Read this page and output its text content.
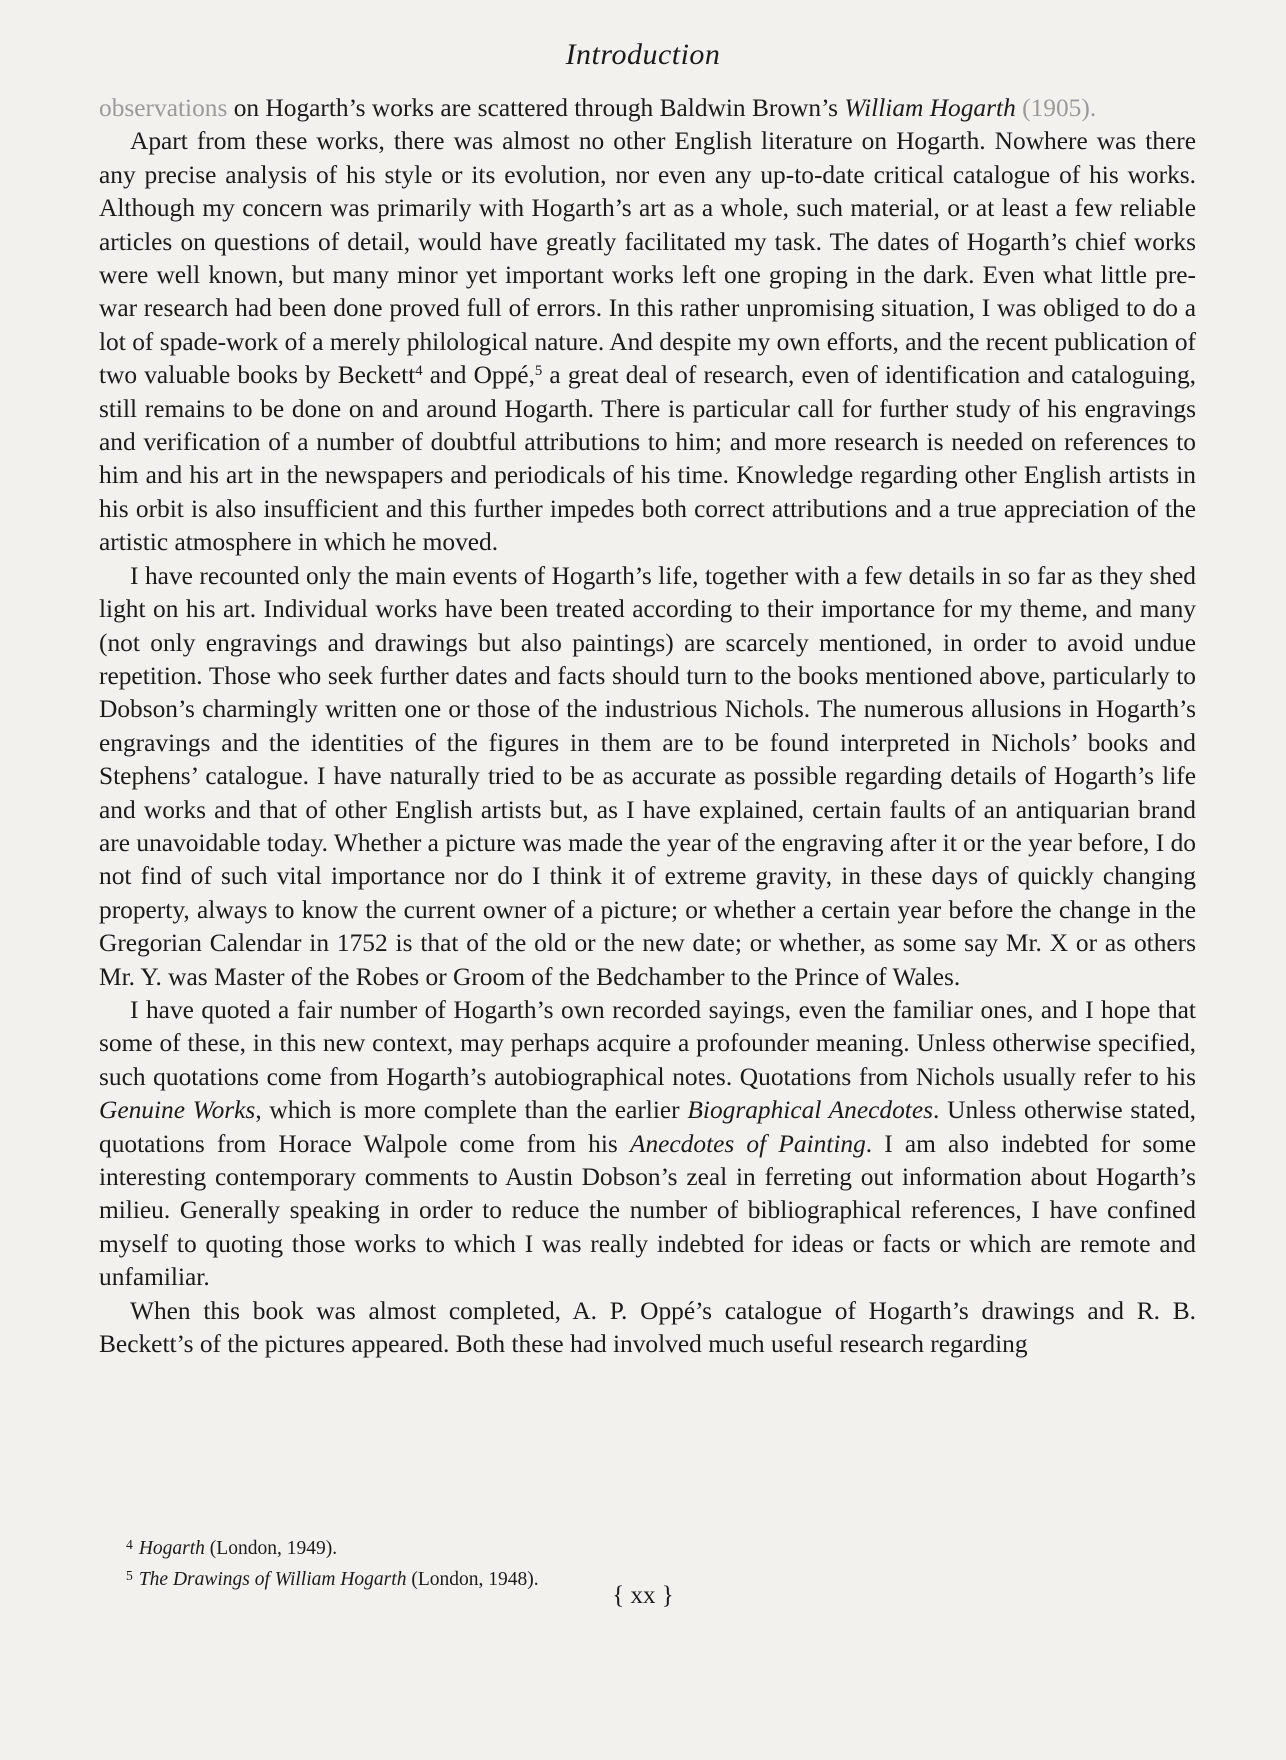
Introduction

observations on Hogarth’s works are scattered through Baldwin Brown’s William Hogarth (1905).

Apart from these works, there was almost no other English literature on Hogarth. Nowhere was there any precise analysis of his style or its evolution, nor even any up-to-date critical catalogue of his works. Although my concern was primarily with Hogarth’s art as a whole, such material, or at least a few reliable articles on questions of detail, would have greatly facilitated my task. The dates of Hogarth’s chief works were well known, but many minor yet important works left one groping in the dark. Even what little pre-war research had been done proved full of errors. In this rather unpromising situation, I was obliged to do a lot of spade-work of a merely philological nature. And despite my own efforts, and the recent publication of two valuable books by Beckett$^4$ and Oppé,$^5$ a great deal of research, even of identification and cataloguing, still remains to be done on and around Hogarth. There is particular call for further study of his engravings and verification of a number of doubtful attributions to him; and more research is needed on references to him and his art in the newspapers and periodicals of his time. Knowledge regarding other English artists in his orbit is also insufficient and this further impedes both correct attributions and a true appreciation of the artistic atmosphere in which he moved.

I have recounted only the main events of Hogarth’s life, together with a few details in so far as they shed light on his art. Individual works have been treated according to their importance for my theme, and many (not only engravings and drawings but also paintings) are scarcely mentioned, in order to avoid undue repetition. Those who seek further dates and facts should turn to the books mentioned above, particularly to Dobson’s charmingly written one or those of the industrious Nichols. The numerous allusions in Hogarth’s engravings and the identities of the figures in them are to be found interpreted in Nichols’ books and Stephens’ catalogue. I have naturally tried to be as accurate as possible regarding details of Hogarth’s life and works and that of other English artists but, as I have explained, certain faults of an antiquarian brand are unavoidable today. Whether a picture was made the year of the engraving after it or the year before, I do not find of such vital importance nor do I think it of extreme gravity, in these days of quickly changing property, always to know the current owner of a picture; or whether a certain year before the change in the Gregorian Calendar in 1752 is that of the old or the new date; or whether, as some say Mr. X or as others Mr. Y. was Master of the Robes or Groom of the Bedchamber to the Prince of Wales.

I have quoted a fair number of Hogarth’s own recorded sayings, even the familiar ones, and I hope that some of these, in this new context, may perhaps acquire a profounder meaning. Unless otherwise specified, such quotations come from Hogarth’s autobiographical notes. Quotations from Nichols usually refer to his Genuine Works, which is more complete than the earlier Biographical Anecdotes. Unless otherwise stated, quotations from Horace Walpole come from his Anecdotes of Painting. I am also indebted for some interesting contemporary comments to Austin Dobson’s zeal in ferreting out information about Hogarth’s milieu. Generally speaking in order to reduce the number of bibliographical references, I have confined myself to quoting those works to which I was really indebted for ideas or facts or which are remote and unfamiliar.

When this book was almost completed, A. P. Oppé’s catalogue of Hogarth’s drawings and R. B. Beckett’s of the pictures appeared. Both these had involved much useful research regarding

$^4$ Hogarth (London, 1949).
$^5$ The Drawings of William Hogarth (London, 1948).
{ xx }
